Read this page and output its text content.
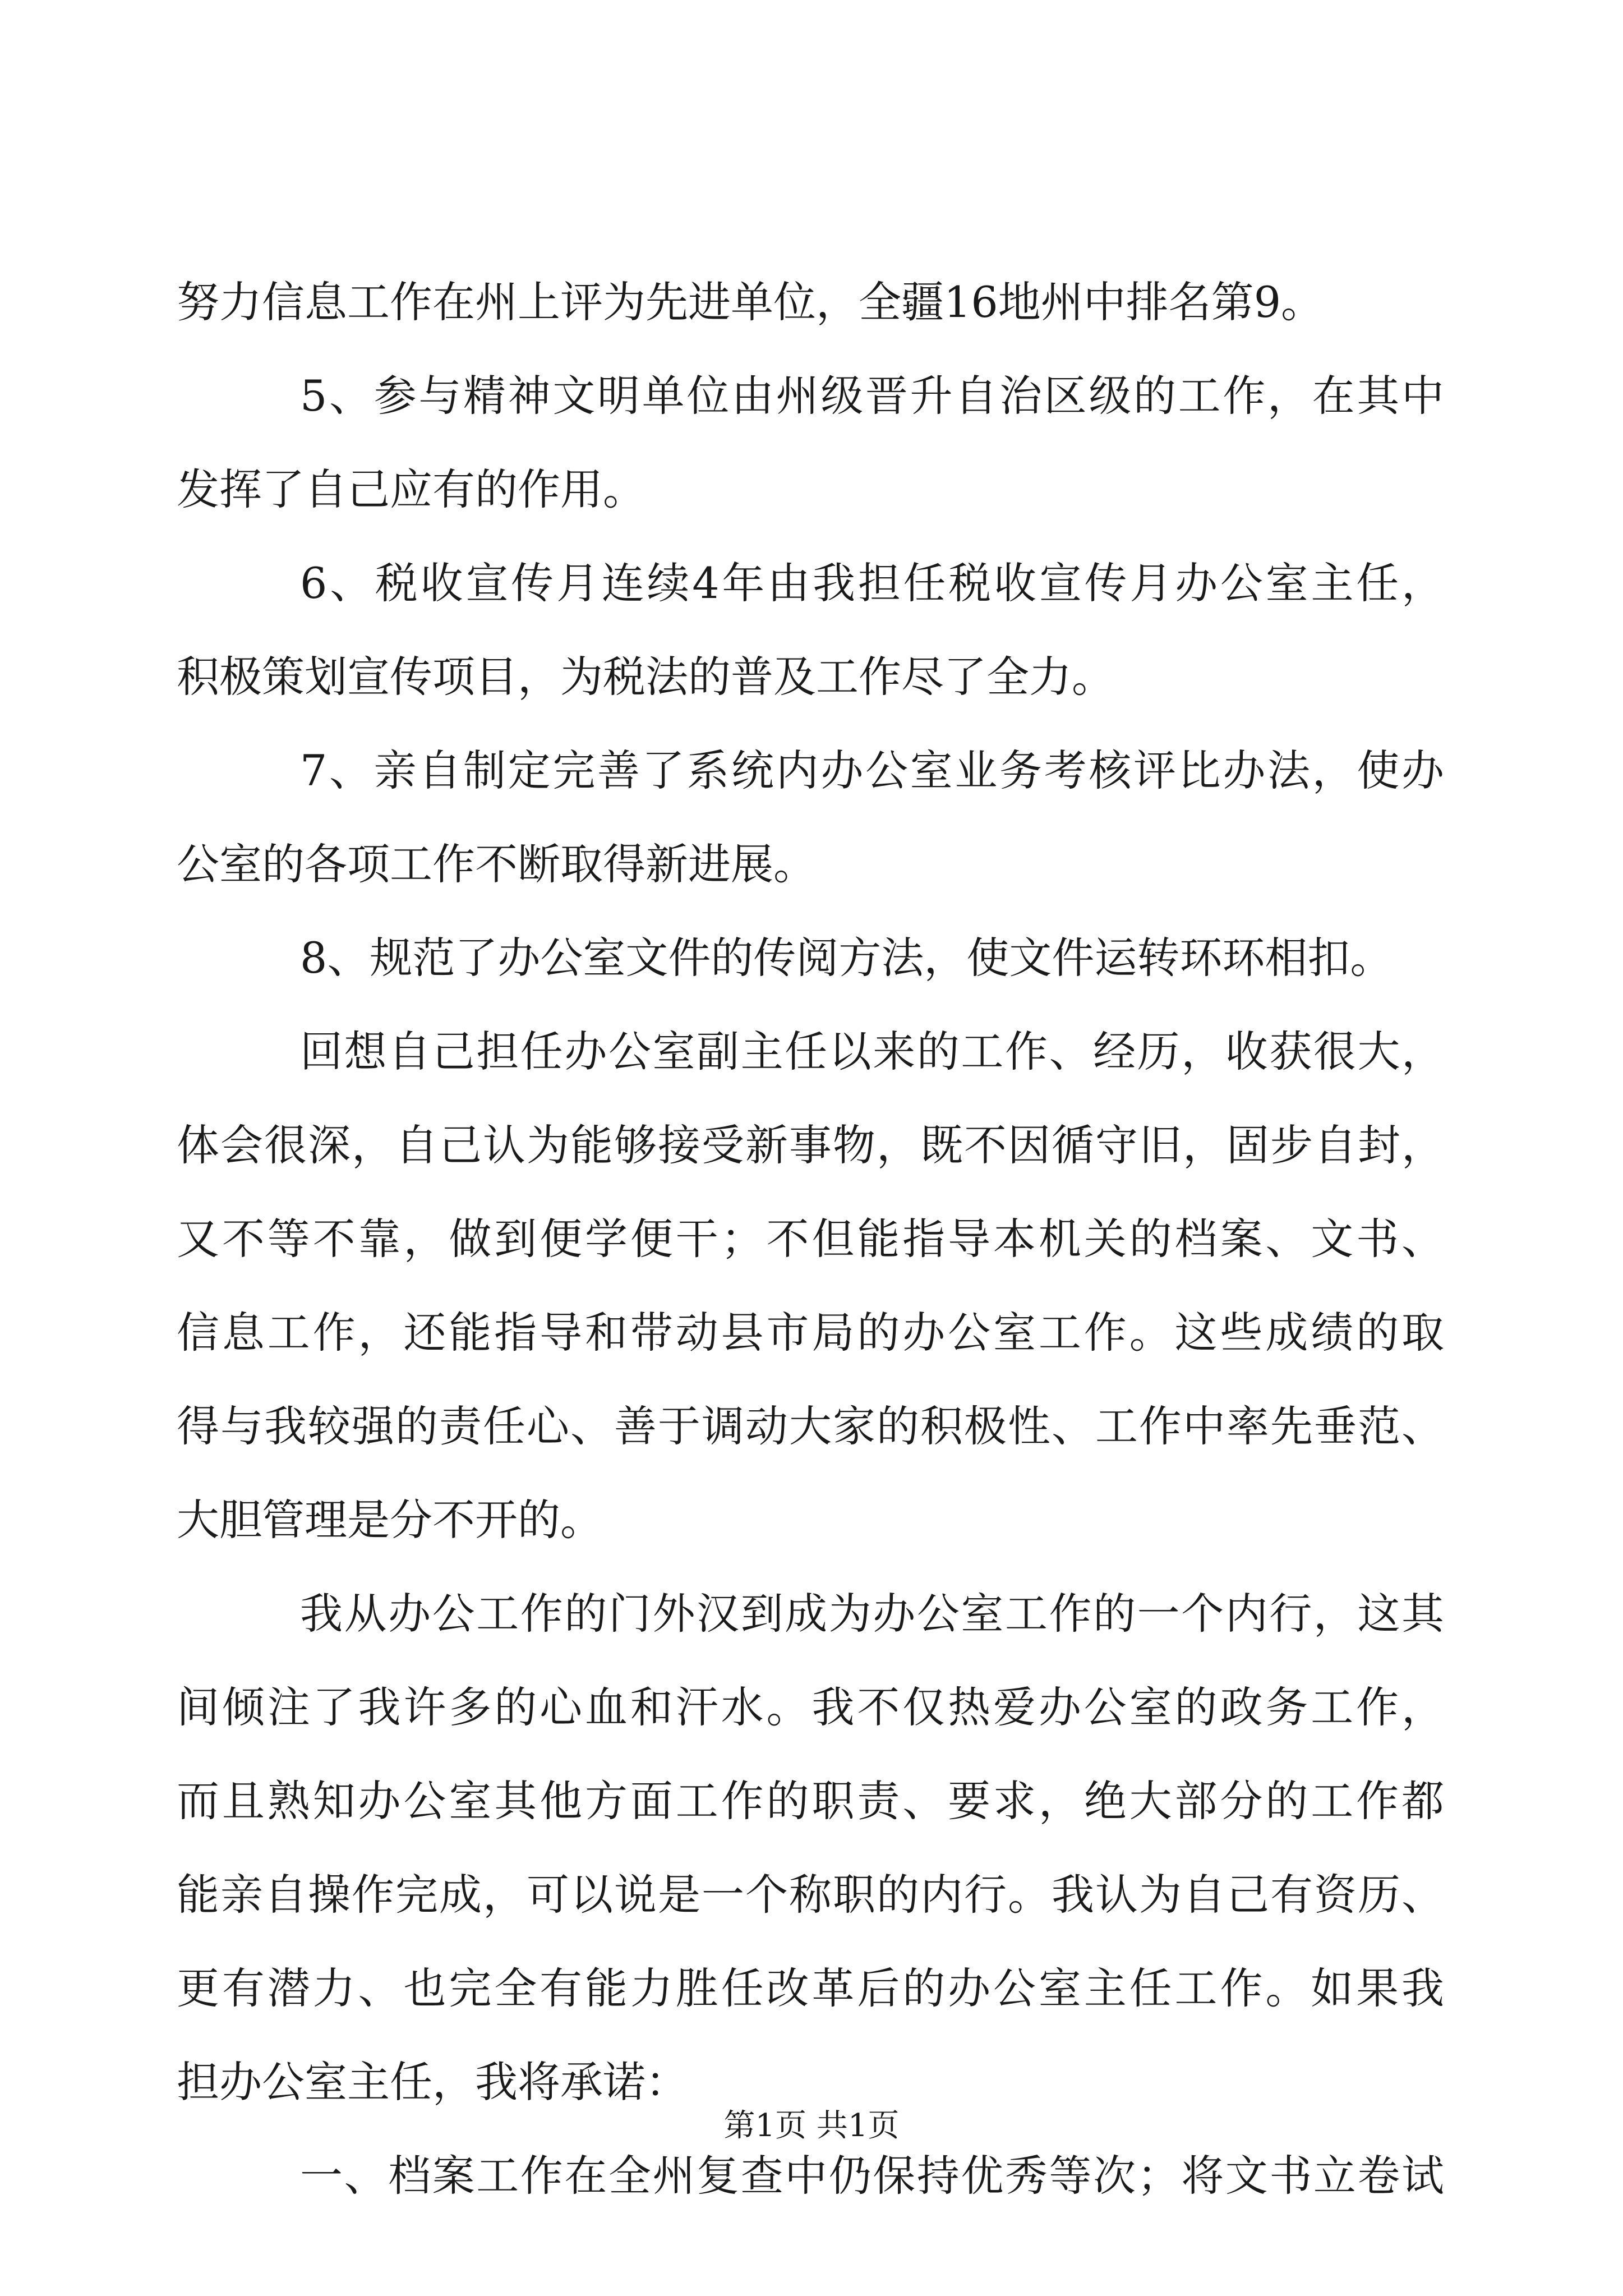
努力信息工作在州上评为先进单位，全疆16地州中排名第9。
5、参与精神文明单位由州级晋升自治区级的工作，在其中
发挥了自己应有的作用。
6、税收宣传月连续4年由我担任税收宣传月办公室主任，
积极策划宣传项目，为税法的普及工作尽了全力。
7、亲自制定完善了系统内办公室业务考核评比办法，使办
公室的各项工作不断取得新进展。
8、规范了办公室文件的传阅方法，使文件运转环环相扣。
回想自己担任办公室副主任以来的工作、经历，收获很大，
体会很深，自己认为能够接受新事物，既不因循守旧，固步自封，
又不等不靠，做到便学便干；不但能指导本机关的档案、文书、
信息工作，还能指导和带动县市局的办公室工作。这些成绩的取
得与我较强的责任心、善于调动大家的积极性、工作中率先垂范、
大胆管理是分不开的。
我从办公工作的门外汉到成为办公室工作的一个内行，这其
间倾注了我许多的心血和汗水。我不仅热爱办公室的政务工作，
而且熟知办公室其他方面工作的职责、要求，绝大部分的工作都
能亲自操作完成，可以说是一个称职的内行。我认为自己有资历、
更有潜力、也完全有能力胜任改革后的办公室主任工作。如果我
担办公室主任，我将承诺：
一、档案工作在全州复查中仍保持优秀等次；将文书立卷试
第1页 共1页
